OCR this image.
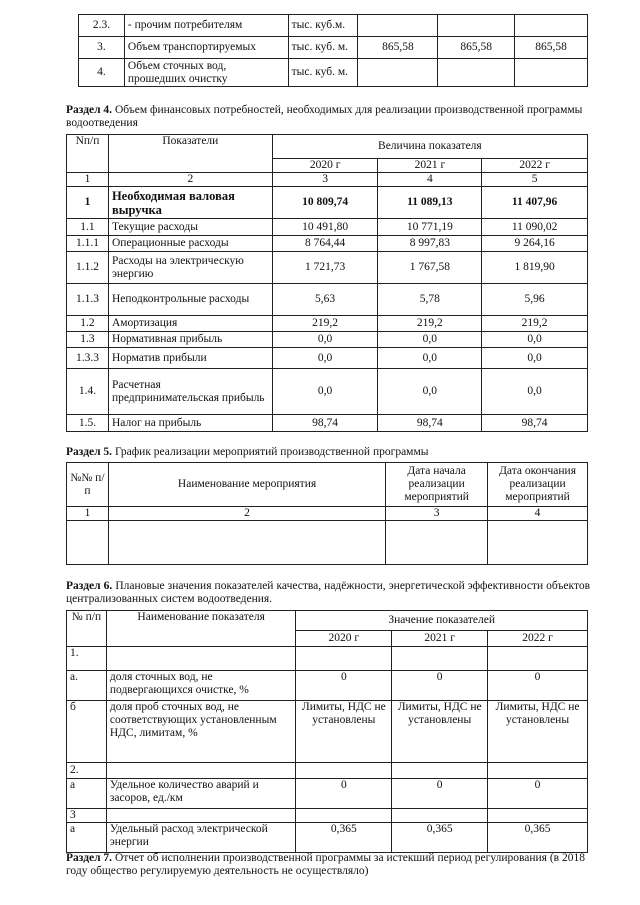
2.3.	- прочим потребителям	тыс. куб.м.			
3.	Объем транспортируемых	тыс. куб. м.	865,58	865,58	865,58
4.	Объем сточных вод, прошедших очистку	тыс. куб. м.			
Раздел 4. Объем финансовых потребностей, необходимых для реализации производственной программы водоотведения
Nп/п	Показатели	Величина показателя		
		2020 г	2021 г	2022 г
1	2	3	4	5
1	Необходимая валовая выручка	10 809,74	11 089,13	11 407,96
1.1	Текущие расходы	10 491,80	10 771,19	11 090,02
1.1.1	Операционные расходы	8 764,44	8 997,83	9 264,16
1.1.2	Расходы на электрическую энергию	1 721,73	1 767,58	1 819,90
1.1.3	Неподконтрольные расходы	5,63	5,78	5,96
1.2	Амортизация	219,2	219,2	219,2
1.3	Нормативная прибыль	0,0	0,0	0,0
1.3.3	Норматив прибыли	0,0	0,0	0,0
1.4.	Расчетная предпринимательская прибыль	0,0	0,0	0,0
1.5.	Налог на прибыль	98,74	98,74	98,74
Раздел 5. График реализации мероприятий производственной программы
№№ п/п	Наименование мероприятия	Дата начала реализации мероприятий	Дата окончания реализации мероприятий
1	2	3	4

Раздел 6. Плановые значения показателей качества, надёжности, энергетической эффективности объектов централизованных систем водоотведения.
№ п/п	Наименование показателя	Значение показателей		
		2020 г	2021 г	2022 г
1.				
а.	доля сточных вод, не подвергающихся очистке, %	0	0	0
б	доля проб сточных вод, не соответствующих установленным НДС, лимитам, %	Лимиты, НДС не установлены	Лимиты, НДС не установлены	Лимиты, НДС не установлены
2.				
а	Удельное количество аварий и засоров, ед./км	0	0	0
3				
а	Удельный расход электрической энергии	0,365	0,365	0,365
Раздел 7. Отчет об исполнении производственной программы за истекший период регулирования (в 2018 году общество регулируемую деятельность не осуществляло)
